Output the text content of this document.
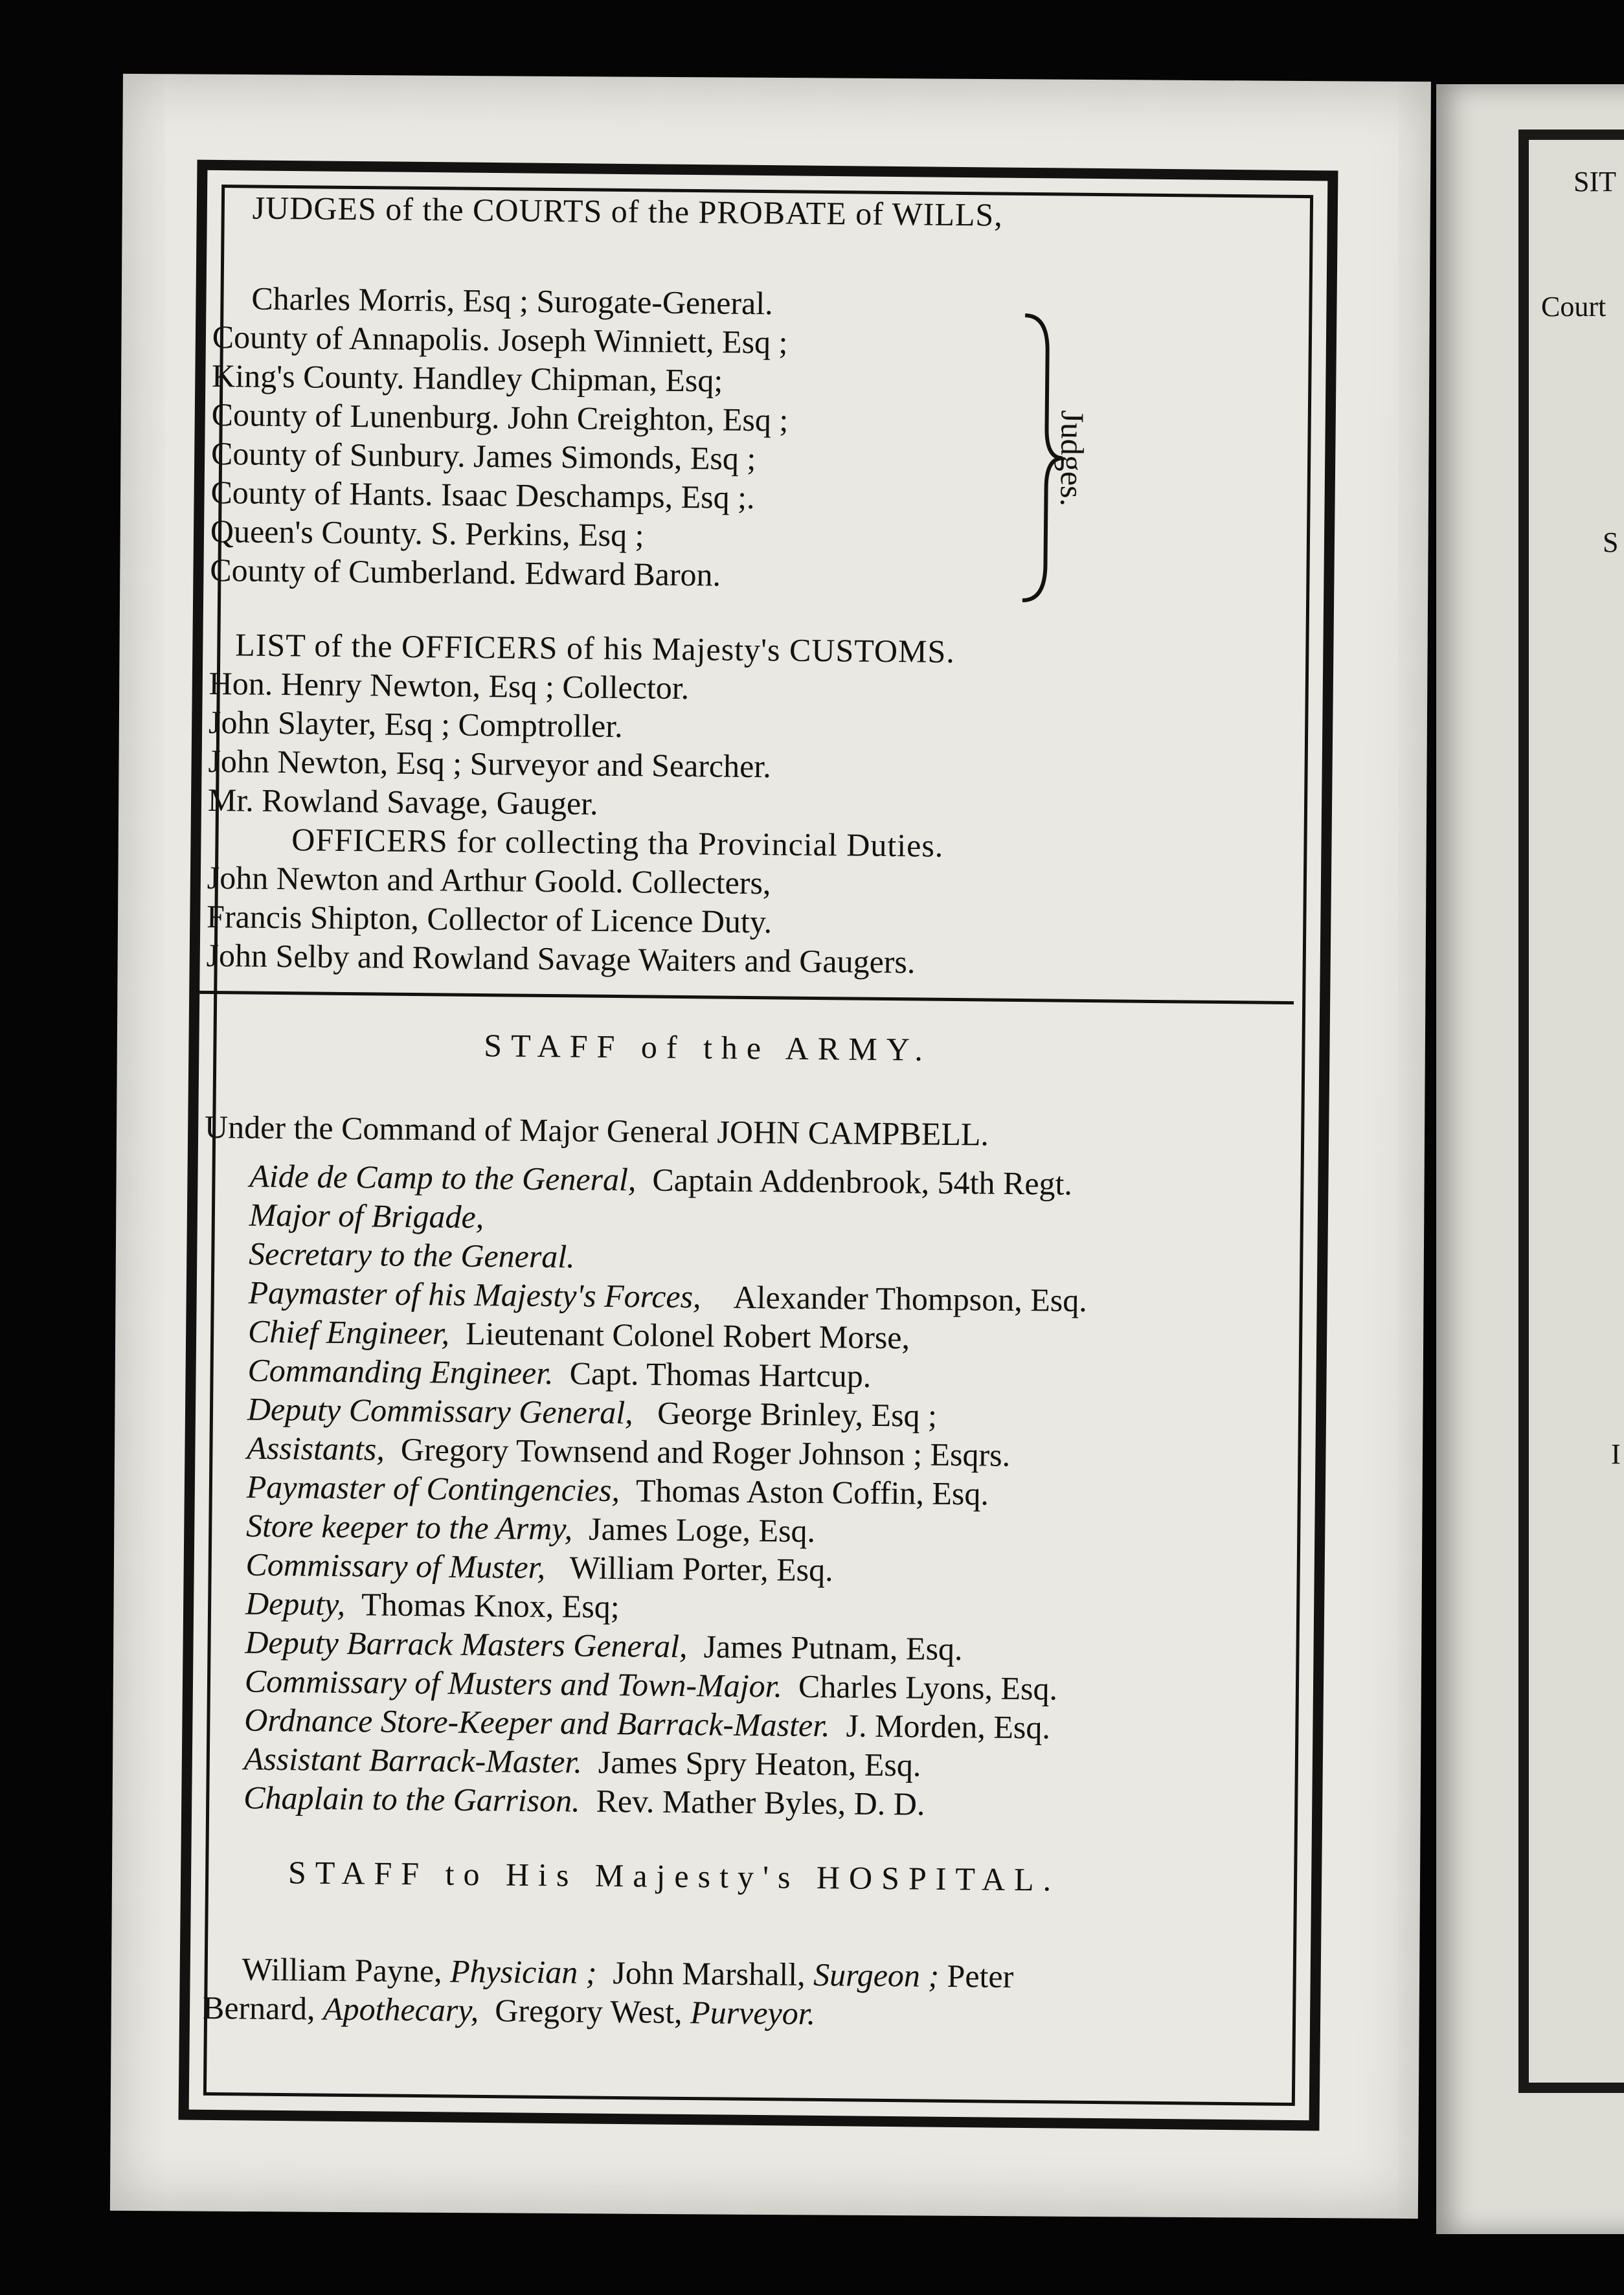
SIT
Court
S
I
JUDGES of the COURTS of the PROBATE of WILLS,
Charles Morris, Esq ; Surogate-General.
County of Annapolis. Joseph Winniett, Esq ;
King's County. Handley Chipman, Esq;
County of Lunenburg. John Creighton, Esq ;
County of Sunbury. James Simonds, Esq ;
County of Hants. Isaac Deschamps, Esq ;.
Queen's County. S. Perkins, Esq ;
County of Cumberland. Edward Baron.
Judges.
LIST of the OFFICERS of his Majesty's CUSTOMS.
Hon. Henry Newton, Esq ; Collector.
John Slayter, Esq ; Comptroller.
John Newton, Esq ; Surveyor and Searcher.
Mr. Rowland Savage, Gauger.
OFFICERS for collecting tha Provincial Duties.
John Newton and Arthur Goold. Collecters,
Francis Shipton, Collector of Licence Duty.
John Selby and Rowland Savage Waiters and Gaugers.
STAFF of the ARMY.
Under the Command of Major General JOHN CAMPBELL.
Aide de Camp to the General, Captain Addenbrook, 54th Regt.
Major of Brigade,
Secretary to the General.
Paymaster of his Majesty's Forces, Alexander Thompson, Esq.
Chief Engineer, Lieutenant Colonel Robert Morse,
Commanding Engineer. Capt. Thomas Hartcup.
Deputy Commissary General, George Brinley, Esq ;
Assistants, Gregory Townsend and Roger Johnson ; Esqrs.
Paymaster of Contingencies, Thomas Aston Coffin, Esq.
Store keeper to the Army, James Loge, Esq.
Commissary of Muster, William Porter, Esq.
Deputy, Thomas Knox, Esq;
Deputy Barrack Masters General, James Putnam, Esq.
Commissary of Musters and Town-Major. Charles Lyons, Esq.
Ordnance Store-Keeper and Barrack-Master. J. Morden, Esq.
Assistant Barrack-Master. James Spry Heaton, Esq.
Chaplain to the Garrison. Rev. Mather Byles, D. D.
STAFF to His Majesty's HOSPITAL.
William Payne, Physician ; John Marshall, Surgeon ; Peter
Bernard, Apothecary, Gregory West, Purveyor.
